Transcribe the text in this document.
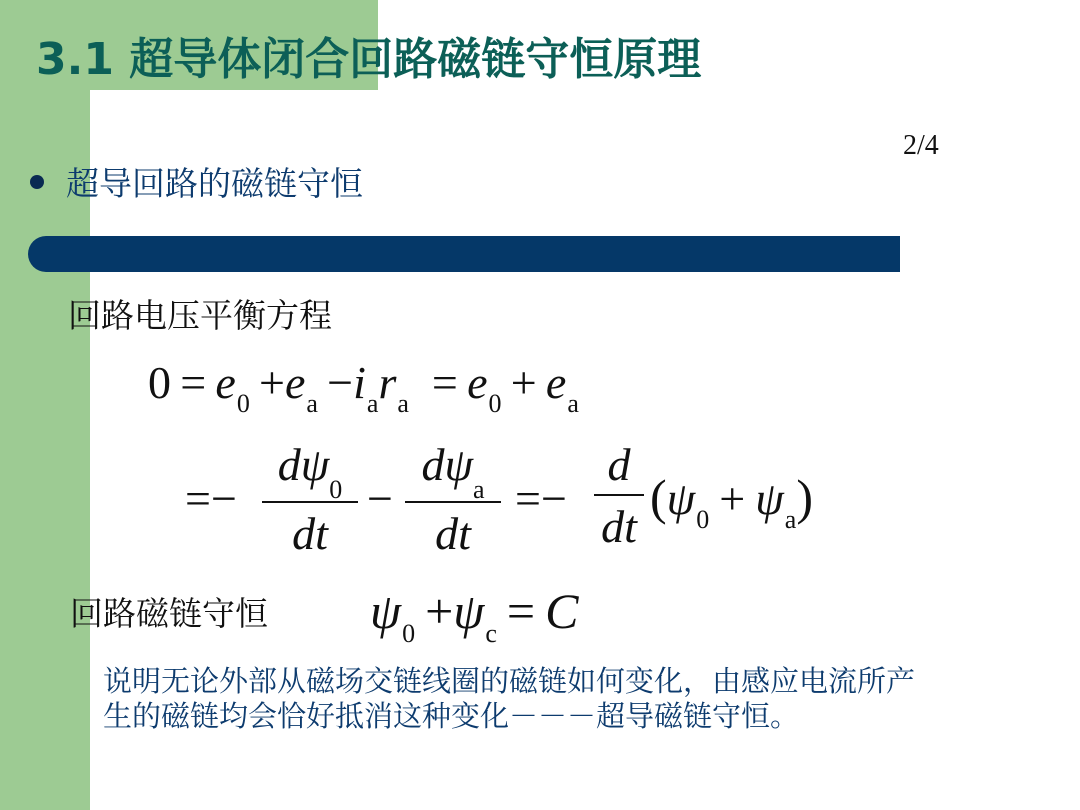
3.1 超导体闭合回路磁链守恒原理
2/4
超导回路的磁链守恒
回路电压平衡方程
$0 = e_0 +e_a -i_ar_a$  =  $e_0 + e_a$
=−
$d\psi_0$
dt
−
$d\psi_a$
dt
=−
d
dt
$(\psi_0 + \psi_a)$
回路磁链守恒 $\psi_0 +\psi_c = C$

说明无论外部从磁场交链线圈的磁链如何变化，由感应电流所产生的磁链均会恰好抵消这种变化－－－超导磁链守恒。
